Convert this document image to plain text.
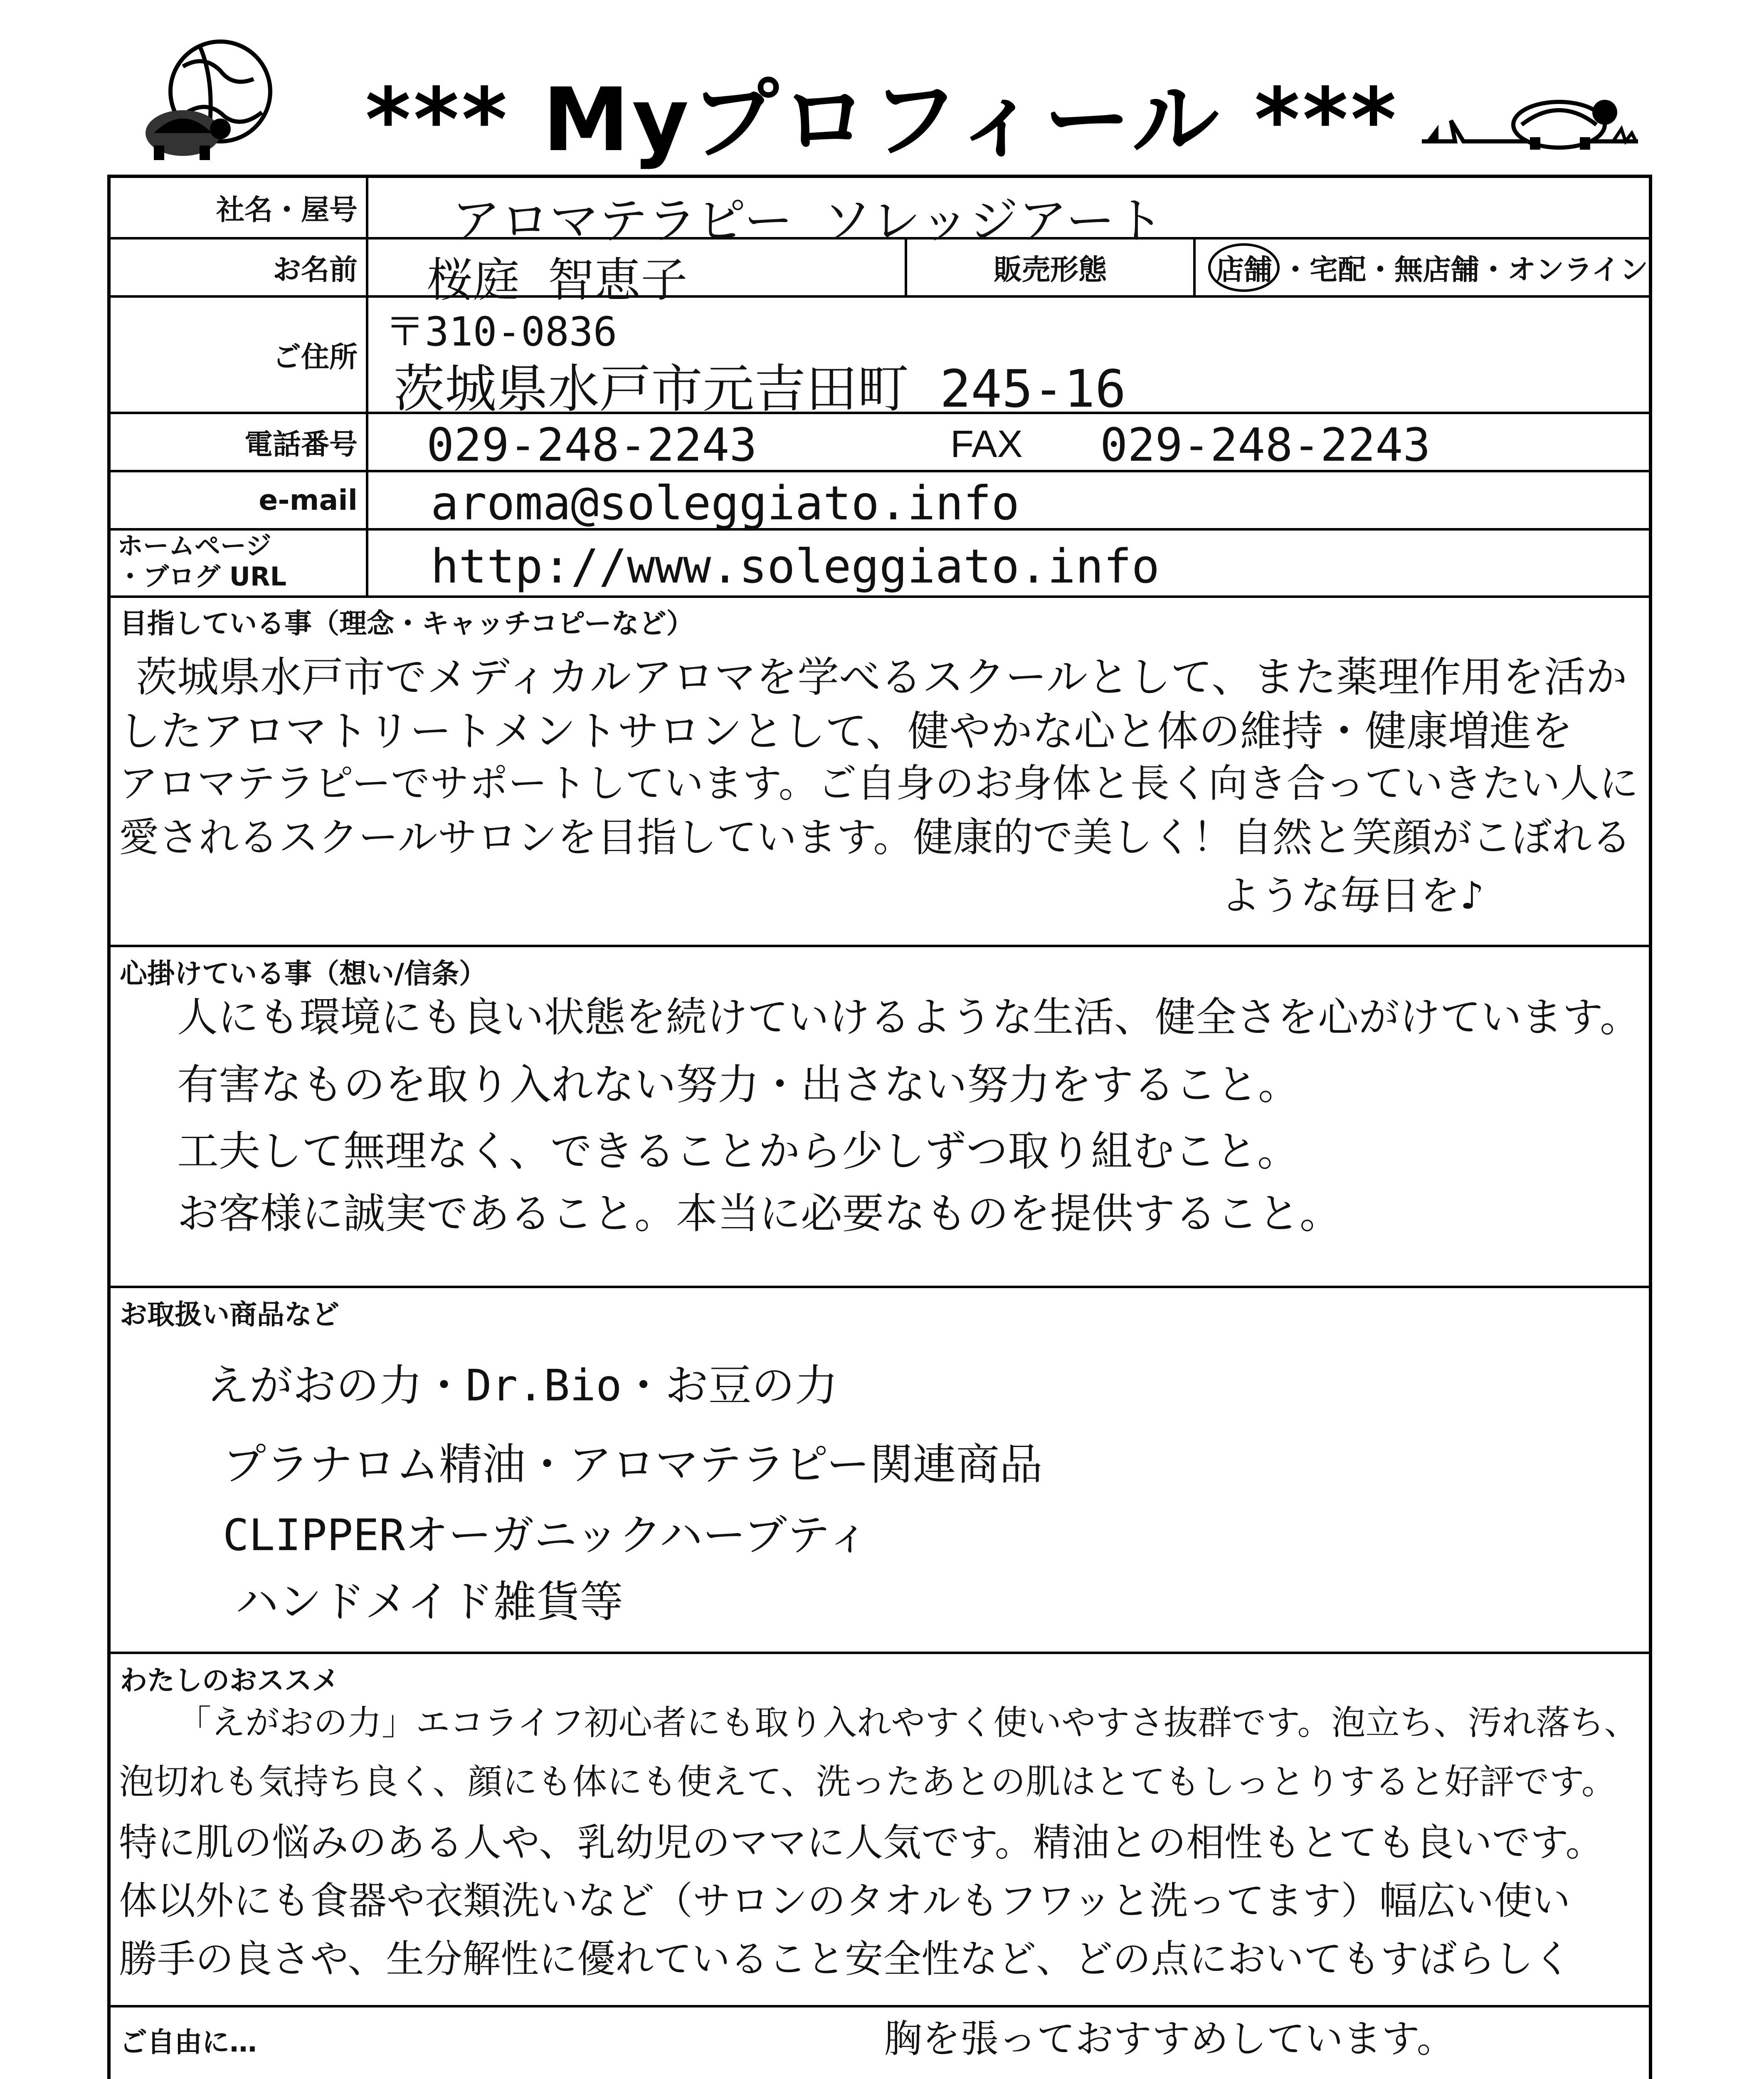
*** Myプロフィール ***
社名・屋号 アロマテラピー ソレッジアート
お名前 桜庭 智恵子	販売形態	店舗 ・宅配・無店舗・オンライン
ご住所
〒310-0836
茨城県水戸市元吉田町 245-16
電話番号 029-248-2243	FAX 029-248-2243
e-mail aroma@soleggiato.info
ホームページ
・ブログ URL	http://www.soleggiato.info
目指している事（理念・キャッチコピーなど）
茨城県水戸市でメディカルアロマを学べるスクールとして、また薬理作用を活か
したアロマトリートメントサロンとして、健やかな心と体の維持・健康増進を
アロマテラピーでサポートしています。ご自身のお身体と長く向き合っていきたい人に
愛されるスクールサロンを目指しています。健康的で美しく！自然と笑顔がこぼれる
ような毎日を♪
心掛けている事（想い/信条）
人にも環境にも良い状態を続けていけるような生活、健全さを心がけています。
有害なものを取り入れない努力・出さない努力をすること。
工夫して無理なく、できることから少しずつ取り組むこと。
お客様に誠実であること。本当に必要なものを提供すること。
お取扱い商品など
えがおの力・Dr.Bio・お豆の力
プラナロム精油・アロマテラピー関連商品
CLIPPERオーガニックハーブティ
ハンドメイド雑貨等
わたしのおススメ
「えがおの力」エコライフ初心者にも取り入れやすく使いやすさ抜群です。泡立ち、汚れ落ち、
泡切れも気持ち良く、顔にも体にも使えて、洗ったあとの肌はとてもしっとりすると好評です。
特に肌の悩みのある人や、乳幼児のママに人気です。精油との相性もとても良いです。
体以外にも食器や衣類洗いなど（サロンのタオルもフワッと洗ってます）幅広い使い
勝手の良さや、生分解性に優れていること安全性など、どの点においてもすばらしく
ご自由に…	胸を張っておすすめしています。
